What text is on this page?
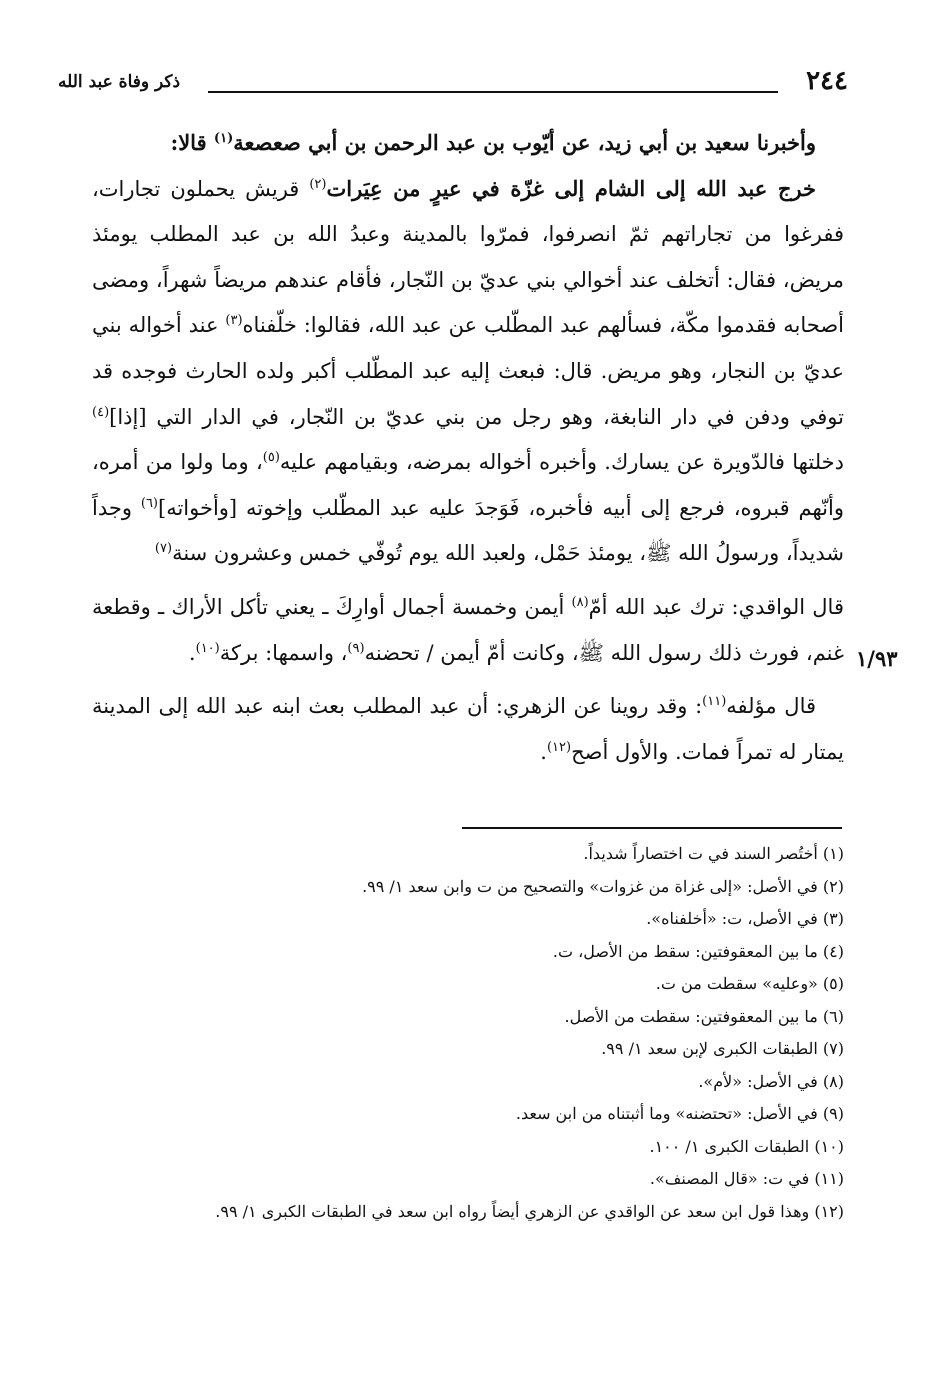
٢٤٤
ذكر وفاة عبد الله
١/٩٣

وأخبرنا سعيد بن أبي زيد، عن أيّوب بن عبد الرحمن بن أبي صعصعة$^{(١)}$ قالا:

خرج عبد الله إلى الشام إلى غزّة في عيرٍ من عِيَرات$^{(٢)}$ قريش يحملون تجارات، ففرغوا من تجاراتهم ثمّ انصرفوا، فمرّوا بالمدينة وعبدُ الله بن عبد المطلب يومئذ مريض، فقال: أتخلف عند أخوالي بني عديّ بن النّجار، فأقام عندهم مريضاً شهراً، ومضى أصحابه فقدموا مكّة، فسألهم عبد المطّلب عن عبد الله، فقالوا: خلّفناه$^{(٣)}$ عند أخواله بني عديّ بن النجار، وهو مريض. قال: فبعث إليه عبد المطّلب أكبر ولده الحارث فوجده قد توفي ودفن في دار النابغة، وهو رجل من بني عديّ بن النّجار، في الدار التي [إذا]$^{(٤)}$ دخلتها فالدّويرة عن يسارك. وأخبره أخواله بمرضه، وبقيامهم عليه$^{(٥)}$، وما ولوا من أمره، وأنّهم قبروه، فرجع إلى أبيه فأخبره، فَوَجدَ عليه عبد المطّلب وإخوته [وأخواته]$^{(٦)}$ وجداً شديداً، ورسولُ الله ﷺ، يومئذ حَمْل، ولعبد الله يوم تُوفّي خمس وعشرون سنة$^{(٧)}$

قال الواقدي: ترك عبد الله أمّ$^{(٨)}$ أيمن وخمسة أجمال أوارِكَ ـ يعني تأكل الأراك ـ وقطعة غنم، فورث ذلك رسول الله ﷺ، وكانت أمّ أيمن / تحضنه$^{(٩)}$، واسمها: بركة$^{(١٠)}$.

قال مؤلفه$^{(١١)}$: وقد روينا عن الزهري: أن عبد المطلب بعث ابنه عبد الله إلى المدينة يمتار له تمراً فمات. والأول أصح$^{(١٢)}$.

(١) أختُصر السند في ت اختصاراً شديداً.
(٢) في الأصل: «إلى غزاة من غزوات» والتصحيح من ت وابن سعد ١/ ٩٩.
(٣) في الأصل، ت: «أخلفناه».
(٤) ما بين المعقوفتين: سقط من الأصل، ت.
(٥) «وعليه» سقطت من ت.
(٦) ما بين المعقوفتين: سقطت من الأصل.
(٧) الطبقات الكبرى لإبن سعد ١/ ٩٩.
(٨) في الأصل: «لأم».
(٩) في الأصل: «تحتضنه» وما أثبتناه من ابن سعد.
(١٠) الطبقات الكبرى ١/ ١٠٠.
(١١) في ت: «قال المصنف».
(١٢) وهذا قول ابن سعد عن الواقدي عن الزهري أيضاً رواه ابن سعد في الطبقات الكبرى ١/ ٩٩.
